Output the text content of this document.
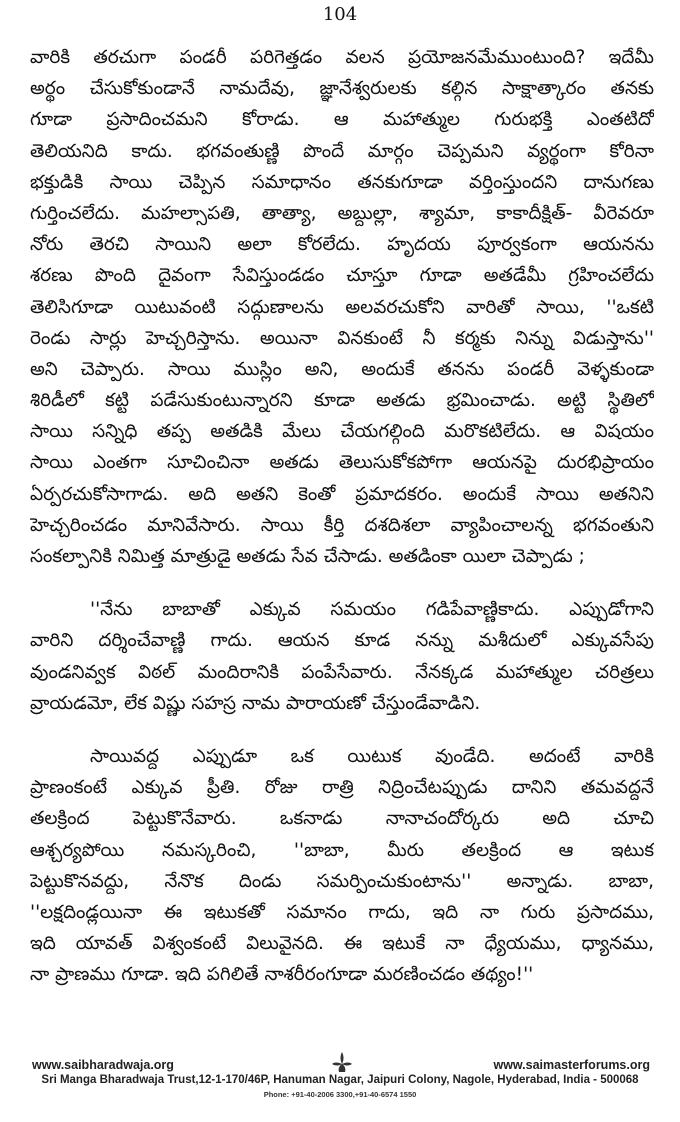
104
వారికి తరచుగా పండరీ పరిగెత్తడం వలన ప్రయోజనమేముంటుంది? ఇదేమీ
అర్థం చేసుకోకుండానే నామదేవు, జ్ఞానేశ్వరులకు కల్గిన సాక్షాత్కారం తనకు
గూడా ప్రసాదించమని కోరాడు. ఆ మహాత్ముల గురుభక్తి ఎంతటిదో
తెలియనిది కాదు. భగవంతుణ్ణి పొందే మార్గం చెప్పమని వ్యర్థంగా కోరినా
భక్తుడికి సాయి చెప్పిన సమాధానం తనకుగూడా వర్తింస్తుందని దానుగణు
గుర్తించలేదు. మహల్సాపతి, తాత్యా, అబ్దుల్లా, శ్యామా, కాకాదీక్షిత్- వీరెవరూ
నోరు తెరచి సాయిని అలా కోరలేదు. హృదయ పూర్వకంగా ఆయనను
శరణు పొంది దైవంగా సేవిస్తుండడం చూస్తూ గూడా అతడేమీ గ్రహించలేదు
తెలిసిగూడా యిటువంటి సద్గుణాలను అలవరచుకోని వారితో సాయి, ''ఒకటి
రెండు సార్లు హెచ్చరిస్తాను. అయినా వినకుంటే నీ కర్మకు నిన్ను విడుస్తాను''
అని చెప్పారు. సాయి ముస్లిం అని, అందుకే తనను పండరీ వెళ్ళకుండా
శిరిడీలో కట్టి పడేసుకుంటున్నారని కూడా అతడు భ్రమించాడు. అట్టి స్థితిలో
సాయి సన్నిధి తప్ప అతడికి మేలు చేయగల్గింది మరొకటిలేదు. ఆ విషయం
సాయి ఎంతగా సూచించినా అతడు తెలుసుకోకపోగా ఆయనపై దురభిప్రాయం
ఏర్పరచుకోసాగాడు. అది అతని కెంతో ప్రమాదకరం. అందుకే సాయి అతనిని
హెచ్చరించడం మానివేసారు. సాయి కీర్తి దశదిశలా వ్యాపించాలన్న భగవంతుని
సంకల్పానికి నిమిత్త మాత్రుడై అతడు సేవ చేసాడు. అతడింకా యిలా చెప్పాడు ;
''నేను బాబాతో ఎక్కువ సమయం గడిపేవాణ్ణికాదు. ఎప్పుడోగాని
వారిని దర్శించేవాణ్ణి గాదు. ఆయన కూడ నన్ను మశీదులో ఎక్కువసేపు
వుండనివ్వక విఠల్ మందిరానికి పంపేసేవారు. నేనక్కడ మహాత్ముల చరిత్రలు
వ్రాయడమో, లేక విష్ణు సహస్ర నామ పారాయణో చేస్తుండేవాడిని.
సాయివద్ద ఎప్పుడూ ఒక యిటుక వుండేది. అదంటే వారికి
ప్రాణంకంటే ఎక్కువ ప్రీతి. రోజు రాత్రి నిద్రించేటప్పుడు దానిని తమవద్దనే
తలక్రింద పెట్టుకొనేవారు. ఒకనాడు నానాచందోర్కరు అది చూచి
ఆశ్చర్యపోయి నమస్కరించి, ''బాబా, మీరు తలక్రింద ఆ ఇటుక
పెట్టుకొనవద్దు, నేనొక దిండు సమర్పించుకుంటాను'' అన్నాడు. బాబా,
''లక్షదిండ్లయినా ఈ ఇటుకతో సమానం గాదు, ఇది నా గురు ప్రసాదము,
ఇది యావత్ విశ్వంకంటే విలువైనది. ఈ ఇటుకే నా ధ్యేయము, ధ్యానము,
నా ప్రాణము గూడా. ఇది పగిలితే నాశరీరంగూడా మరణించడం తథ్యం!''
www.saibharadwaja.org	www.saimasterforums.org
Sri Manga Bharadwaja Trust,12-1-170/46P, Hanuman Nagar, Jaipuri Colony, Nagole, Hyderabad, India - 500068
Phone: +91-40-2006 3300,+91-40-6574 1550
